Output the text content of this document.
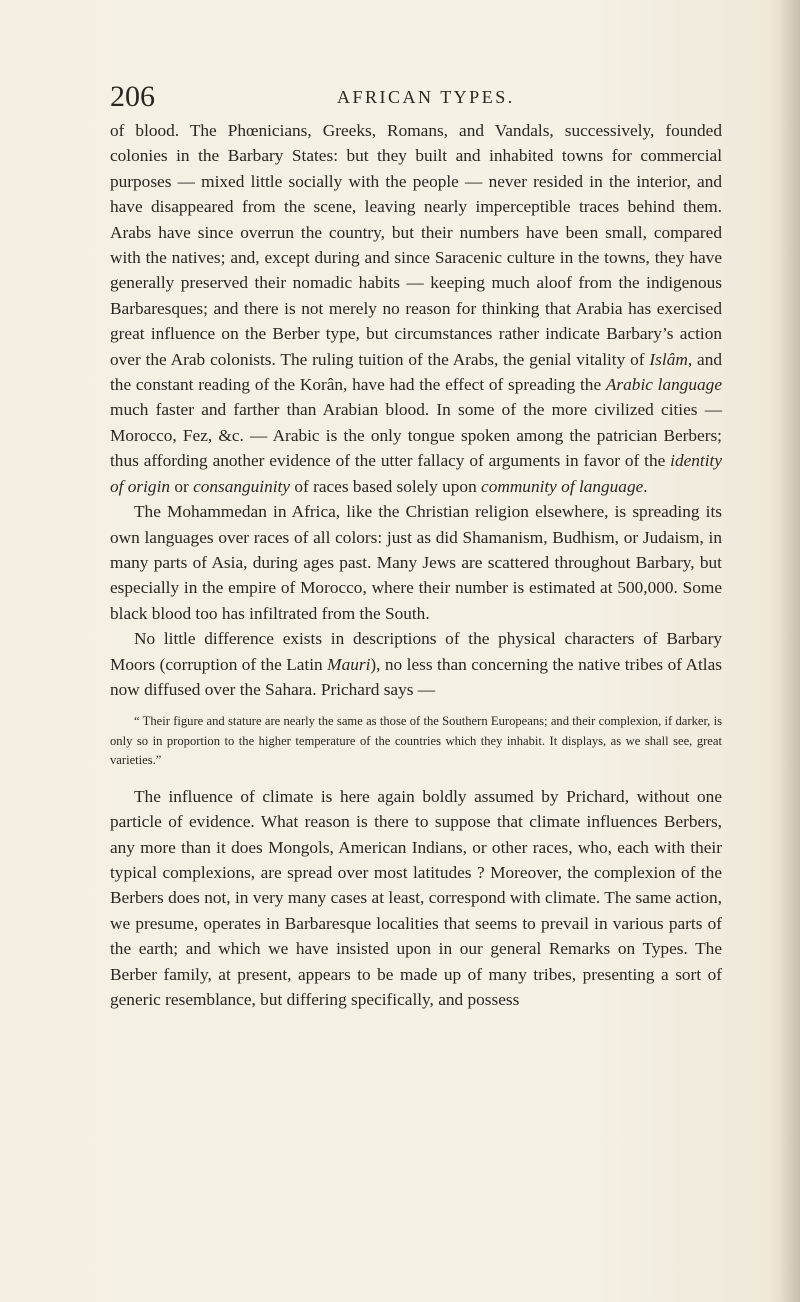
206	AFRICAN TYPES.

of blood. The Phœnicians, Greeks, Romans, and Vandals, successively, founded colonies in the Barbary States: but they built and inhabited towns for commercial purposes — mixed little socially with the people — never resided in the interior, and have disappeared from the scene, leaving nearly imperceptible traces behind them. Arabs have since overrun the country, but their numbers have been small, compared with the natives; and, except during and since Saracenic culture in the towns, they have generally preserved their nomadic habits — keeping much aloof from the indigenous Barbaresques; and there is not merely no reason for thinking that Arabia has exercised great influence on the Berber type, but circumstances rather indicate Barbary’s action over the Arab colonists. The ruling tuition of the Arabs, the genial vitality of Islâm, and the constant reading of the Korân, have had the effect of spreading the Arabic language much faster and farther than Arabian blood. In some of the more civilized cities — Morocco, Fez, &c. — Arabic is the only tongue spoken among the patrician Berbers; thus affording another evidence of the utter fallacy of arguments in favor of the identity of origin or consanguinity of races based solely upon community of language.

The Mohammedan in Africa, like the Christian religion elsewhere, is spreading its own languages over races of all colors: just as did Shamanism, Budhism, or Judaism, in many parts of Asia, during ages past. Many Jews are scattered throughout Barbary, but especially in the empire of Morocco, where their number is estimated at 500,000. Some black blood too has infiltrated from the South.

No little difference exists in descriptions of the physical characters of Barbary Moors (corruption of the Latin Mauri), no less than concerning the native tribes of Atlas now diffused over the Sahara. Prichard says —

“ Their figure and stature are nearly the same as those of the Southern Europeans; and their complexion, if darker, is only so in proportion to the higher temperature of the countries which they inhabit. It displays, as we shall see, great varieties.”

The influence of climate is here again boldly assumed by Prichard, without one particle of evidence. What reason is there to suppose that climate influences Berbers, any more than it does Mongols, American Indians, or other races, who, each with their typical complexions, are spread over most latitudes ? Moreover, the complexion of the Berbers does not, in very many cases at least, correspond with climate. The same action, we presume, operates in Barbaresque localities that seems to prevail in various parts of the earth; and which we have insisted upon in our general Remarks on Types. The Berber family, at present, appears to be made up of many tribes, presenting a sort of generic resemblance, but differing specifically, and possess
